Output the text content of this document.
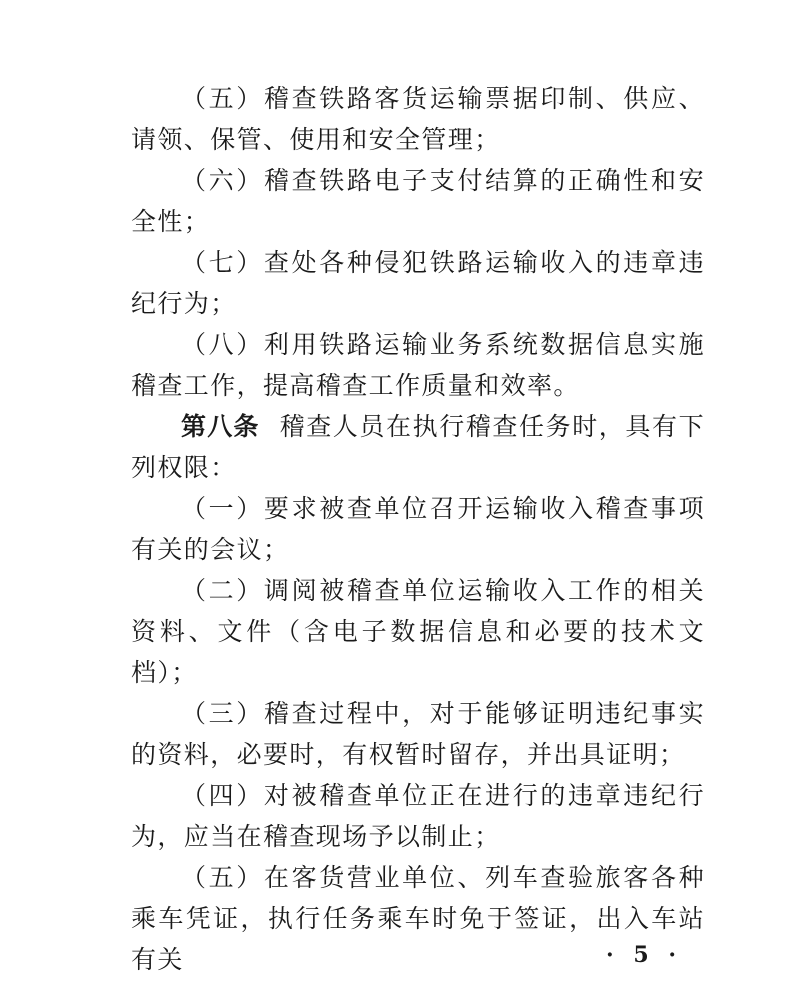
（五）稽查铁路客货运输票据印制、供应、请领、保管、使用和安全管理；

（六）稽查铁路电子支付结算的正确性和安全性；

（七）查处各种侵犯铁路运输收入的违章违纪行为；

（八）利用铁路运输业务系统数据信息实施稽查工作，提高稽查工作质量和效率。

第八条 稽查人员在执行稽查任务时，具有下列权限：

（一）要求被查单位召开运输收入稽查事项有关的会议；

（二）调阅被稽查单位运输收入工作的相关资料、文件（含电子数据信息和必要的技术文档）；

（三）稽查过程中，对于能够证明违纪事实的资料，必要时，有权暂时留存，并出具证明；

（四）对被稽查单位正在进行的违章违纪行为，应当在稽查现场予以制止；

（五）在客货营业单位、列车查验旅客各种乘车凭证，执行任务乘车时免于签证，出入车站有关	· 5 ·
